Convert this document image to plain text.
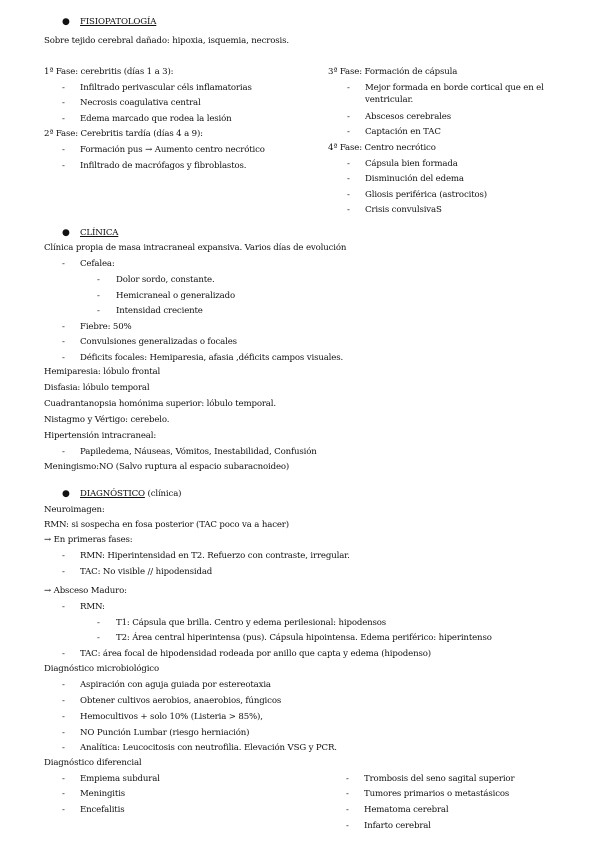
● FISIOPATOLOGÍA
Sobre tejido cerebral dañado: hipoxia, isquemia, necrosis.
1ª Fase: cerebritis (días 1 a 3):
- Infiltrado perivascular céls inflamatorias
- Necrosis coagulativa central
- Edema marcado que rodea la lesión
2ª Fase: Cerebritis tardía (días 4 a 9):
- Formación pus → Aumento centro necrótico
- Infiltrado de macrófagos y fibroblastos.
3ª Fase: Formación de cápsula
- Mejor formada en borde cortical que en el
ventricular.
- Abscesos cerebrales
- Captación en TAC
4ª Fase: Centro necrótico
- Cápsula bien formada
- Disminución del edema
- Gliosis periférica (astrocitos)
- Crisis convulsivaS
● CLÍNICA
Clínica propia de masa intracraneal expansiva. Varios días de evolución
- Cefalea:
- Dolor sordo, constante.
- Hemicraneal o generalizado
- Intensidad creciente
- Fiebre: 50%
- Convulsiones generalizadas o focales
- Déficits focales: Hemiparesia, afasia ,déficits campos visuales.
Hemiparesia: lóbulo frontal
Disfasia: lóbulo temporal
Cuadrantanopsia homónima superior: lóbulo temporal.
Nistagmo y Vértigo: cerebelo.
Hipertensión intracraneal:
- Papiledema, Náuseas, Vómitos, Inestabilidad, Confusión
Meningismo:NO (Salvo ruptura al espacio subaracnoideo)
● DIAGNÓSTICO (clínica)
Neuroimagen:
RMN: si sospecha en fosa posterior (TAC poco va a hacer)
→ En primeras fases:
- RMN: Hiperintensidad en T2. Refuerzo con contraste, irregular.
- TAC: No visible // hipodensidad
→ Absceso Maduro:
- RMN:
- T1: Cápsula que brilla. Centro y edema perilesional: hipodensos
- T2: Área central hiperintensa (pus). Cápsula hipointensa. Edema periférico: hiperintenso
- TAC: área focal de hipodensidad rodeada por anillo que capta y edema (hipodenso)
Diagnóstico microbiológico
- Aspiración con aguja guiada por estereotaxia
- Obtener cultivos aerobios, anaerobios, fúngicos
- Hemocultivos + solo 10% (Listeria > 85%),
- NO Punción Lumbar (riesgo herniación)
- Analítica: Leucocitosis con neutrofilia. Elevación VSG y PCR.
Diagnóstico diferencial
- Empiema subdural
- Meningitis
- Encefalitis
- Trombosis del seno sagital superior
- Tumores primarios o metastásicos
- Hematoma cerebral
- Infarto cerebral
